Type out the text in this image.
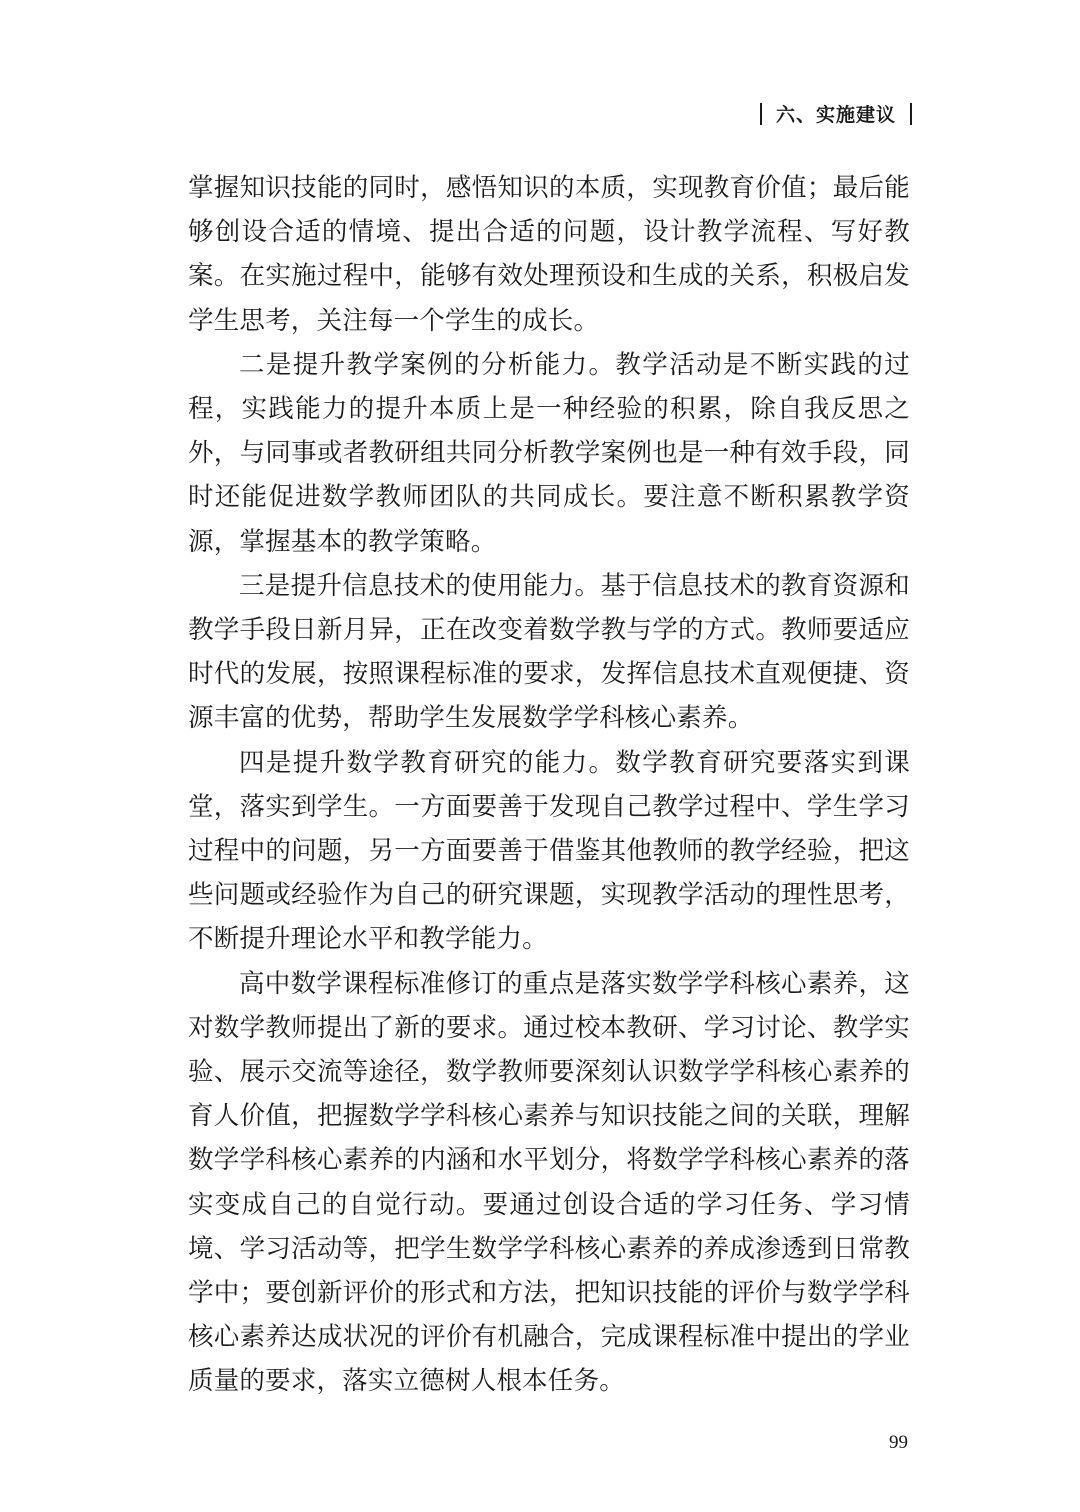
六、实施建议

掌握知识技能的同时，感悟知识的本质，实现教育价值；最后能够创设合适的情境、提出合适的问题，设计教学流程、写好教案。在实施过程中，能够有效处理预设和生成的关系，积极启发学生思考，关注每一个学生的成长。

二是提升教学案例的分析能力。教学活动是不断实践的过程，实践能力的提升本质上是一种经验的积累，除自我反思之外，与同事或者教研组共同分析教学案例也是一种有效手段，同时还能促进数学教师团队的共同成长。要注意不断积累教学资源，掌握基本的教学策略。

三是提升信息技术的使用能力。基于信息技术的教育资源和教学手段日新月异，正在改变着数学教与学的方式。教师要适应时代的发展，按照课程标准的要求，发挥信息技术直观便捷、资源丰富的优势，帮助学生发展数学学科核心素养。

四是提升数学教育研究的能力。数学教育研究要落实到课堂，落实到学生。一方面要善于发现自己教学过程中、学生学习过程中的问题，另一方面要善于借鉴其他教师的教学经验，把这些问题或经验作为自己的研究课题，实现教学活动的理性思考，不断提升理论水平和教学能力。

高中数学课程标准修订的重点是落实数学学科核心素养，这对数学教师提出了新的要求。通过校本教研、学习讨论、教学实验、展示交流等途径，数学教师要深刻认识数学学科核心素养的育人价值，把握数学学科核心素养与知识技能之间的关联，理解数学学科核心素养的内涵和水平划分，将数学学科核心素养的落实变成自己的自觉行动。要通过创设合适的学习任务、学习情境、学习活动等，把学生数学学科核心素养的养成渗透到日常教学中；要创新评价的形式和方法，把知识技能的评价与数学学科核心素养达成状况的评价有机融合，完成课程标准中提出的学业质量的要求，落实立德树人根本任务。

99
